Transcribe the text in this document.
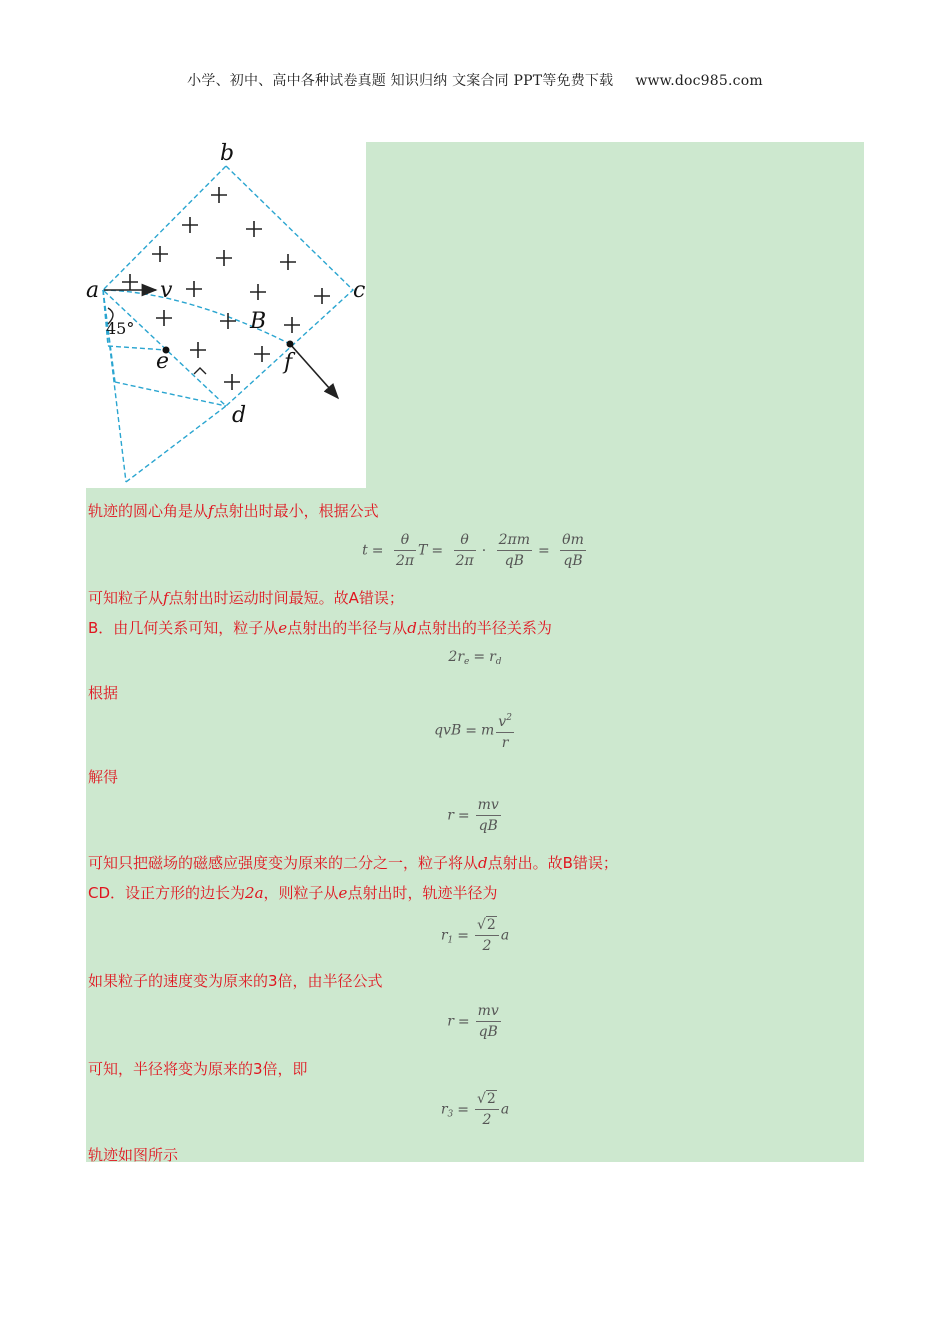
小学、初中、高中各种试卷真题 知识归纳 文案合同 PPT等免费下载 www.doc985.com
b
a	c
d
e	f
v
B
45°
轨迹的圆心角是从f点射出时最小，根据公式
$t = \frac{\theta}{2\pi}$ $T = \frac{\theta}{2\pi} \cdot \frac{2\pi m}{qB} = \frac{\theta m}{qB}$
可知粒子从f点射出时运动时间最短。故A错误；
B．由几何关系可知，粒子从e点射出的半径与从d点射出的半径关系为
$2r_e = r_d$
根据
qvB = m $\frac{v^2}{r}$
解得
$r = \frac{mv}{qB}$
可知只把磁场的磁感应强度变为原来的二分之一，粒子将从d点射出。故B错误；
CD．设正方形的边长为2a，则粒子从e点射出时，轨迹半径为
$r_1 = \frac{√2}{2}$ a
如果粒子的速度变为原来的3倍，由半径公式
$r = \frac{mv}{qB}$
可知，半径将变为原来的3倍，即
$r_3 = \frac{√2}{2}$ a
轨迹如图所示
